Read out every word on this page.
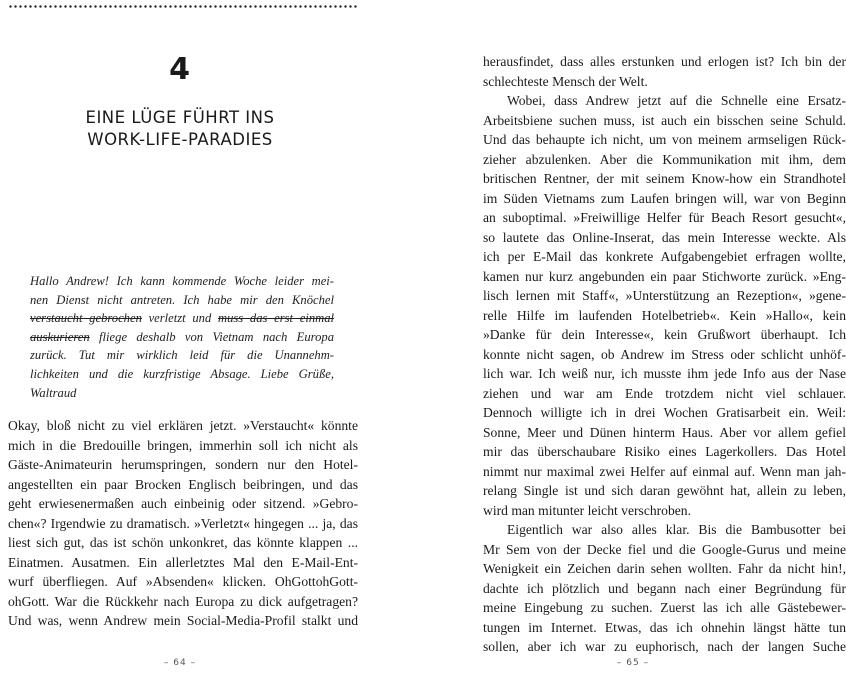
4
EINE LÜGE FÜHRT INS
WORK-LIFE-PARADIES
Hallo Andrew! Ich kann kommende Woche leider mei-
nen Dienst nicht antreten. Ich habe mir den Knöchel
verstaucht gebrochen verletzt und muss das erst einmal
auskurieren fliege deshalb von Vietnam nach Europa
zurück. Tut mir wirklich leid für die Unannehm-
lichkeiten und die kurzfristige Absage. Liebe Grüße,
Waltraud
Okay, bloß nicht zu viel erklären jetzt. »Verstaucht« könnte
mich in die Bredouille bringen, immerhin soll ich nicht als
Gäste-Animateurin herumspringen, sondern nur den Hotel-
angestellten ein paar Brocken Englisch beibringen, und das
geht erwiesenermaßen auch einbeinig oder sitzend. »Gebro-
chen«? Irgendwie zu dramatisch. »Verletzt« hingegen ... ja, das
liest sich gut, das ist schön unkonkret, das könnte klappen ...
Einatmen. Ausatmen. Ein allerletztes Mal den E-Mail-Ent-
wurf überfliegen. Auf »Absenden« klicken. OhGottohGott-
ohGott. War die Rückkehr nach Europa zu dick aufgetragen?
Und was, wenn Andrew mein Social-Media-Profil stalkt und
– 64 –
herausfindet, dass alles erstunken und erlogen ist? Ich bin der
schlechteste Mensch der Welt.
Wobei, dass Andrew jetzt auf die Schnelle eine Ersatz-
Arbeitsbiene suchen muss, ist auch ein bisschen seine Schuld.
Und das behaupte ich nicht, um von meinem armseligen Rück-
zieher abzulenken. Aber die Kommunikation mit ihm, dem
britischen Rentner, der mit seinem Know-how ein Strandhotel
im Süden Vietnams zum Laufen bringen will, war von Beginn
an suboptimal. »Freiwillige Helfer für Beach Resort gesucht«,
so lautete das Online-Inserat, das mein Interesse weckte. Als
ich per E-Mail das konkrete Aufgabengebiet erfragen wollte,
kamen nur kurz angebunden ein paar Stichworte zurück. »Eng-
lisch lernen mit Staff«, »Unterstützung an Rezeption«, »gene-
relle Hilfe im laufenden Hotelbetrieb«. Kein »Hallo«, kein
»Danke für dein Interesse«, kein Grußwort überhaupt. Ich
konnte nicht sagen, ob Andrew im Stress oder schlicht unhöf-
lich war. Ich weiß nur, ich musste ihm jede Info aus der Nase
ziehen und war am Ende trotzdem nicht viel schlauer.
Dennoch willigte ich in drei Wochen Gratisarbeit ein. Weil:
Sonne, Meer und Dünen hinterm Haus. Aber vor allem gefiel
mir das überschaubare Risiko eines Lagerkollers. Das Hotel
nimmt nur maximal zwei Helfer auf einmal auf. Wenn man jah-
relang Single ist und sich daran gewöhnt hat, allein zu leben,
wird man mitunter leicht verschroben.
Eigentlich war also alles klar. Bis die Bambusotter bei
Mr Sem von der Decke fiel und die Google-Gurus und meine
Wenigkeit ein Zeichen darin sehen wollten. Fahr da nicht hin!,
dachte ich plötzlich und begann nach einer Begründung für
meine Eingebung zu suchen. Zuerst las ich alle Gästebewer-
tungen im Internet. Etwas, das ich ohnehin längst hätte tun
sollen, aber ich war zu euphorisch, nach der langen Suche
– 65 –
